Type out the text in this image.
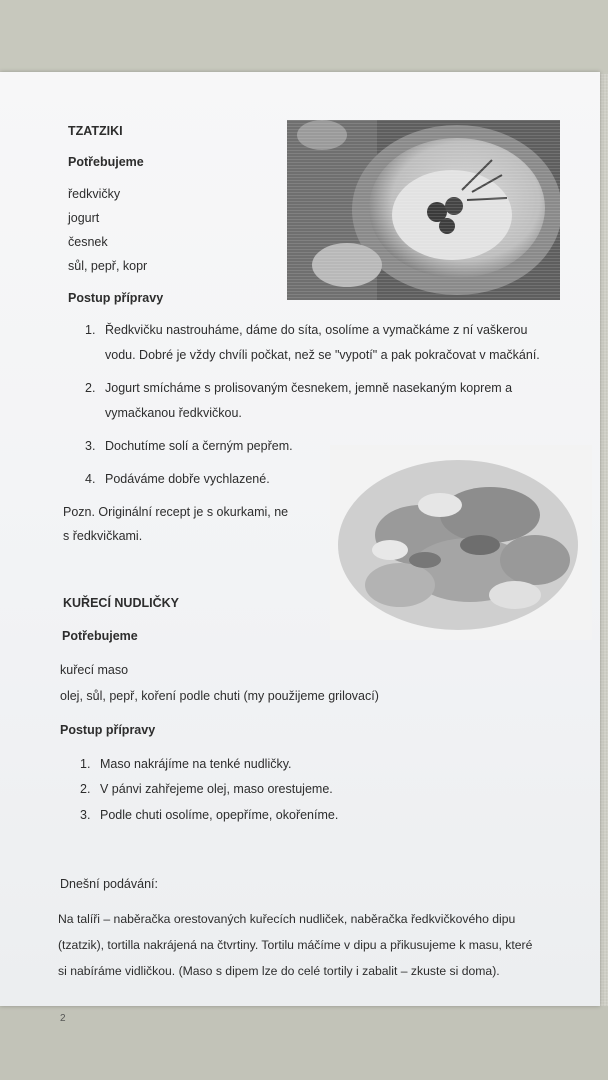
TZATZIKI
Potřebujeme
ředkvičky
jogurt
česnek
sůl, pepř, kopr
Postup přípravy
1. Ředkvičku nastrouháme, dáme do síta, osolíme a vymačkáme z ní vaškerou
vodu. Dobré je vždy chvíli počkat, než se "vypotí" a pak pokračovat v mačkání.
2. Jogurt smícháme s prolisovaným česnekem, jemně nasekaným koprem a
vymačkanou ředkvičkou.
3. Dochutíme solí a černým pepřem.
4. Podáváme dobře vychlazené.
Pozn. Originální recept je s okurkami, ne
s ředkvičkami.
KUŘECÍ NUDLIČKY
Potřebujeme
kuřecí maso
olej, sůl, pepř, koření podle chuti (my použijeme grilovací)
Postup přípravy
1. Maso nakrájíme na tenké nudličky.
2. V pánvi zahřejeme olej, maso orestujeme.
3. Podle chuti osolíme, opepříme, okořeníme.
Dnešní podávání:
Na talíři – naběračka orestovaných kuřecích nudliček, naběračka ředkvičkového dipu
(tzatzik), tortilla nakrájená na čtvrtiny. Tortilu máčíme v dipu a přikusujeme k masu, které
si nabíráme vidličkou. (Maso s dipem lze do celé tortily i zabalit – zkuste si doma).
2
